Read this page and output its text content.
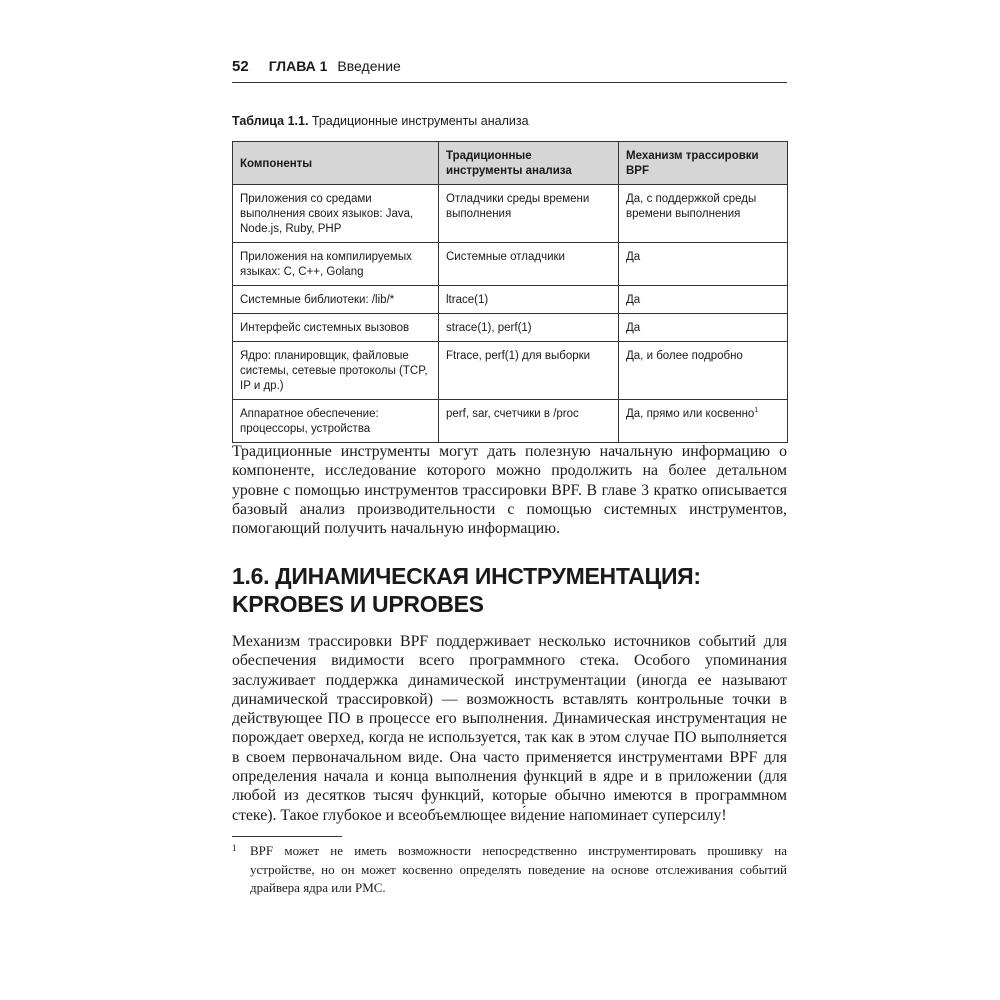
52 ГЛАВА 1 Введение
Таблица 1.1. Традиционные инструменты анализа
Компоненты	Традиционные инструменты анализа	Механизм трассировки BPF
Приложения со средами выполнения своих языков: Java, Node.js, Ruby, PHP	Отладчики среды времени выполнения	Да, с поддержкой среды времени выполнения
Приложения на компилируемых языках: C, C++, Golang	Системные отладчики	Да
Системные библиотеки: /lib/*	ltrace(1)	Да
Интерфейс системных вызовов	strace(1), perf(1)	Да
Ядро: планировщик, файловые системы, сетевые протоколы (TCP, IP и др.)	Ftrace, perf(1) для выборки	Да, и более подробно
Аппаратное обеспечение: процессоры, устройства	perf, sar, счетчики в /proc	Да, прямо или косвенно$^1$

Традиционные инструменты могут дать полезную начальную информацию о компоненте, исследование которого можно продолжить на более детальном уровне с помощью инструментов трассировки BPF. В главе 3 кратко описывается базовый анализ производительности с помощью системных инструментов, помогающий получить начальную информацию.

1.6. ДИНАМИЧЕСКАЯ ИНСТРУМЕНТАЦИЯ: KPROBES И UPROBES

Механизм трассировки BPF поддерживает несколько источников событий для обеспечения видимости всего программного стека. Особого упоминания заслуживает поддержка динамической инструментации (иногда ее называют динамической трассировкой) — возможность вставлять контрольные точки в действующее ПО в процессе его выполнения. Динамическая инструментация не порождает оверхед, когда не используется, так как в этом случае ПО выполняется в своем первоначальном виде. Она часто применяется инструментами BPF для определения начала и конца выполнения функций в ядре и в приложении (для любой из десятков тысяч функций, которые обычно имеются в программном стеке). Такое глубокое и всеобъемлющее ви́дение напоминает суперсилу!

1 BPF может не иметь возможности непосредственно инструментировать прошивку на устройстве, но он может косвенно определять поведение на основе отслеживания событий драйвера ядра или PMC.
